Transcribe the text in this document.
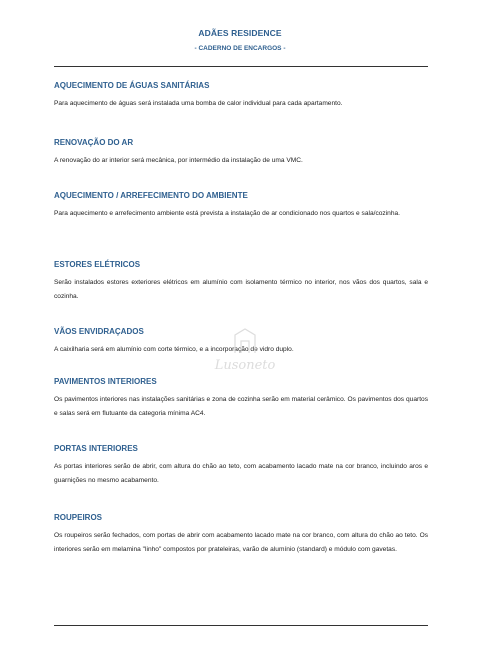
ADÃES RESIDENCE
- CADERNO DE ENCARGOS -
AQUECIMENTO DE ÁGUAS SANITÁRIAS

Para aquecimento de águas será instalada uma bomba de calor individual para cada apartamento.

RENOVAÇÃO DO AR

A renovação do ar interior será mecânica, por intermédio da instalação de uma VMC.

AQUECIMENTO / ARREFECIMENTO DO AMBIENTE

Para aquecimento e arrefecimento ambiente está prevista a instalação de ar condicionado nos quartos e sala/cozinha.

ESTORES ELÉTRICOS

Serão instalados estores exteriores elétricos em alumínio com isolamento térmico no interior, nos vãos dos quartos, sala e cozinha.

VÃOS ENVIDRAÇADOS

A caixilharia será em alumínio com corte térmico, e a incorporação de vidro duplo.

PAVIMENTOS INTERIORES

Os pavimentos interiores nas instalações sanitárias e zona de cozinha serão em material cerâmico. Os pavimentos dos quartos e salas será em flutuante da categoria mínima AC4.

PORTAS INTERIORES

As portas interiores serão de abrir, com altura do chão ao teto, com acabamento lacado mate na cor branco, incluindo aros e guarnições no mesmo acabamento.

ROUPEIROS

Os roupeiros serão fechados, com portas de abrir com acabamento lacado mate na cor branco, com altura do chão ao teto. Os interiores serão em melamina "linho" compostos por prateleiras, varão de alumínio (standard) e módulo com gavetas.

Lusoneto
